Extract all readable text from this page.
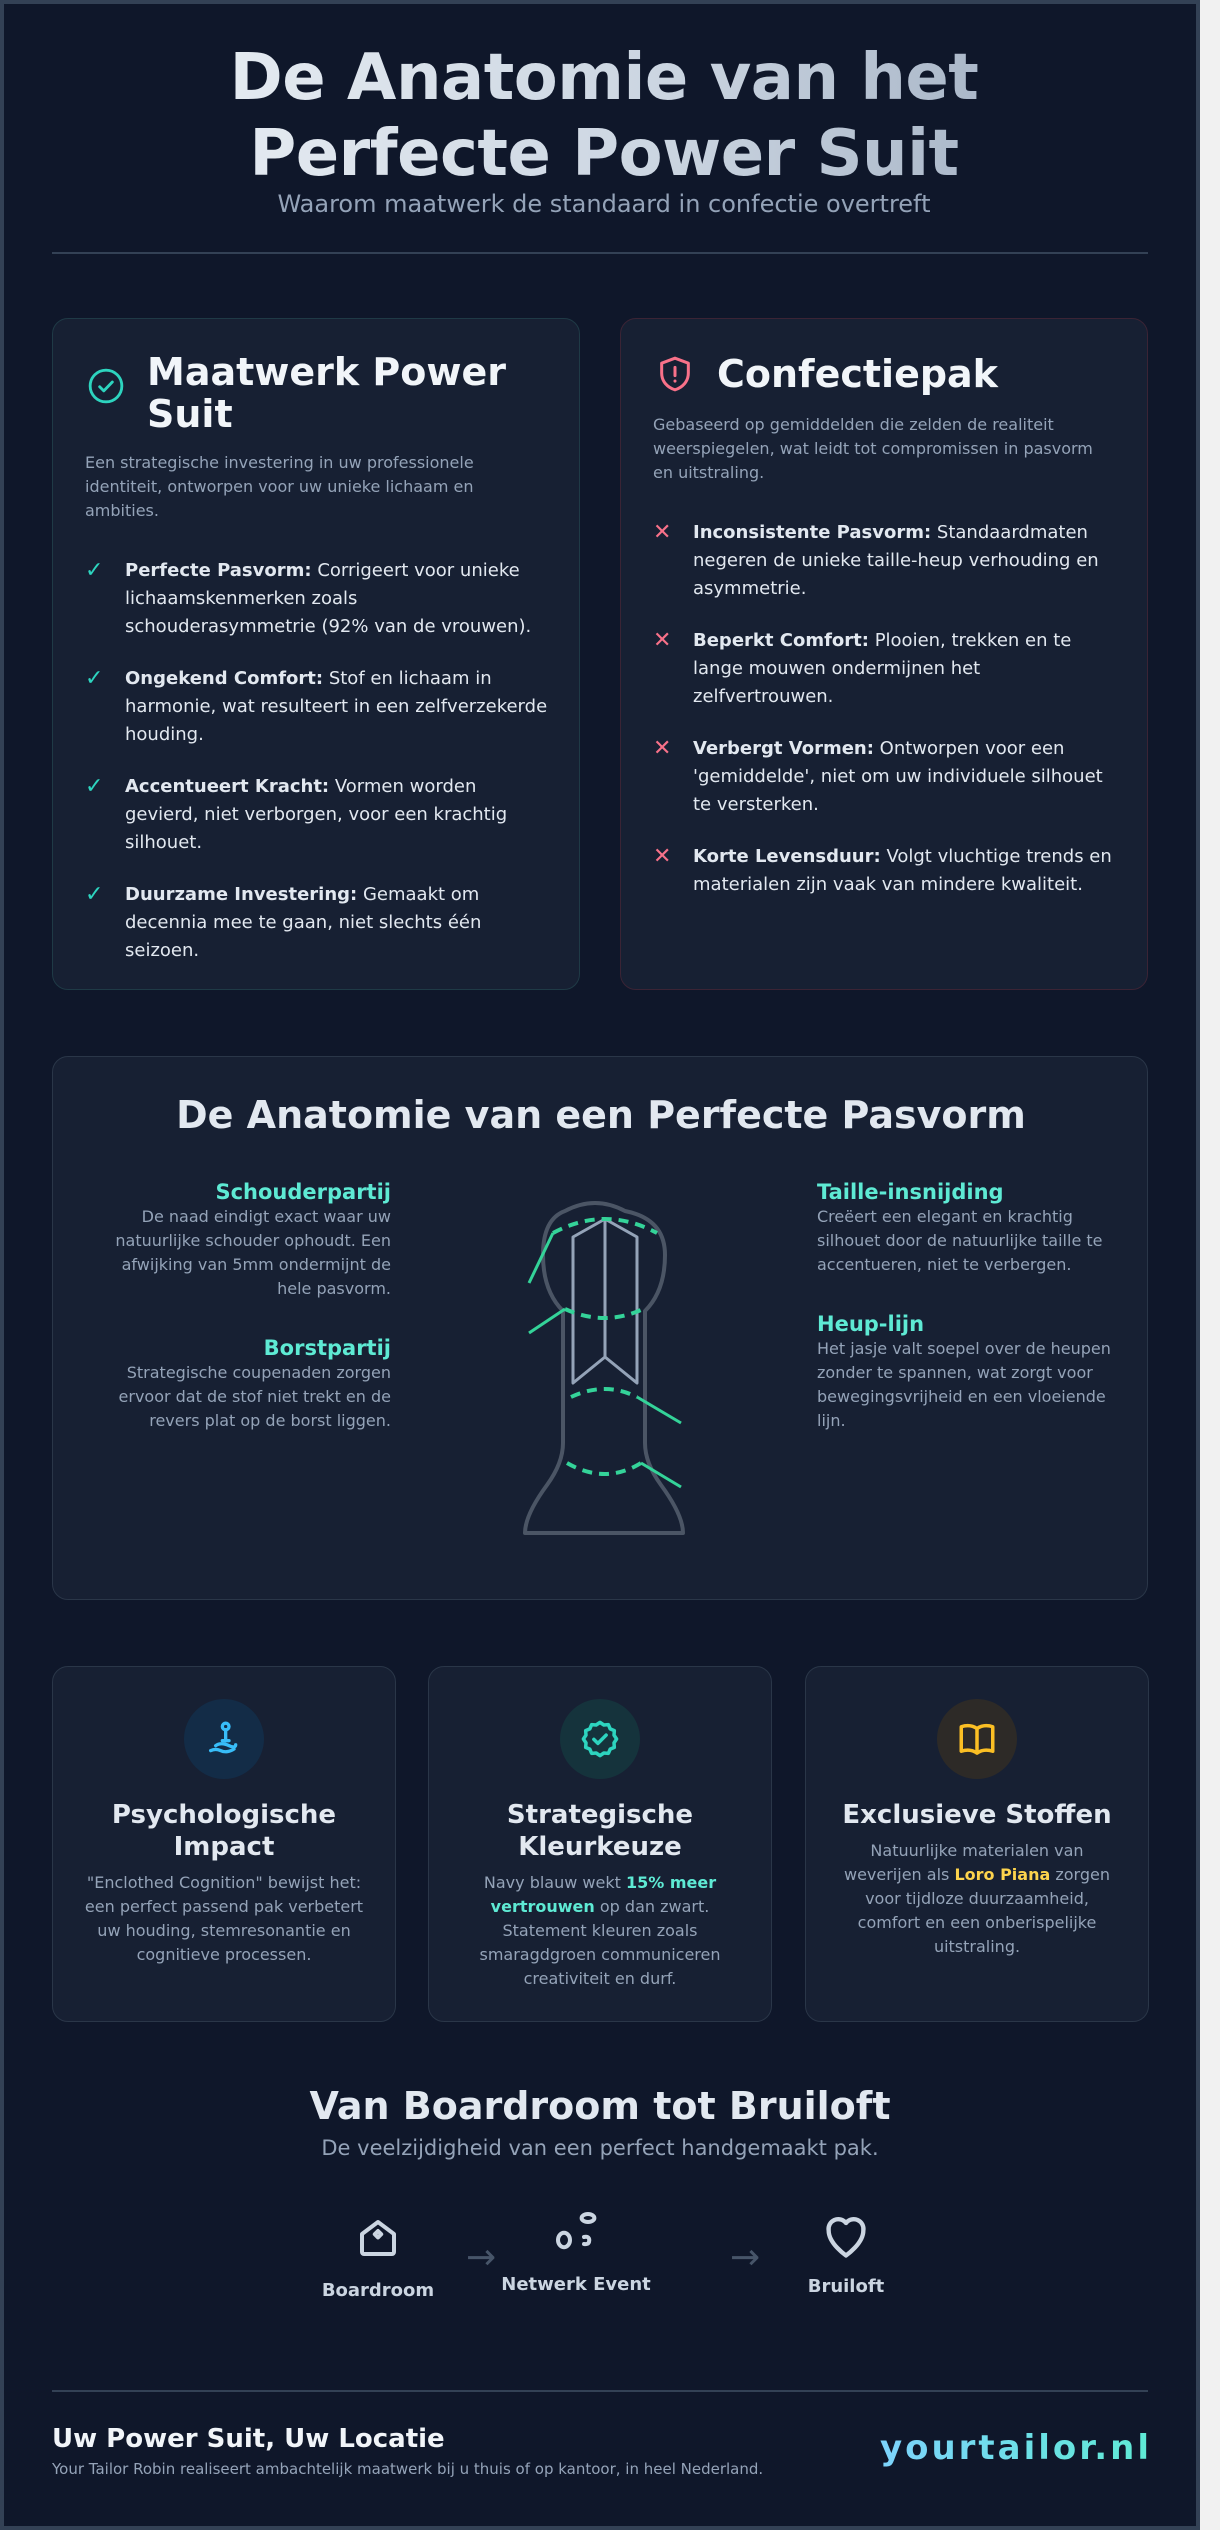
De Anatomie van het Perfecte Power Suit

Waarom maatwerk de standaard in confectie overtreft

Maatwerk Power Suit

Een strategische investering in uw professionele identiteit, ontworpen voor uw unieke lichaam en ambities.

✓	Perfecte Pasvorm: Corrigeert voor unieke lichaamskenmerken zoals schouderasymmetrie (92% van de vrouwen).
✓	Ongekend Comfort: Stof en lichaam in harmonie, wat resulteert in een zelfverzekerde houding.
✓	Accentueert Kracht: Vormen worden gevierd, niet verborgen, voor een krachtig silhouet.
✓	Duurzame Investering: Gemaakt om decennia mee te gaan, niet slechts één seizoen.
Confectiepak

Gebaseerd op gemiddelden die zelden de realiteit weerspiegelen, wat leidt tot compromissen in pasvorm en uitstraling.

✕	Inconsistente Pasvorm: Standaardmaten negeren de unieke taille-heup verhouding en asymmetrie.
✕	Beperkt Comfort: Plooien, trekken en te lange mouwen ondermijnen het zelfvertrouwen.
✕	Verbergt Vormen: Ontworpen voor een 'gemiddelde', niet om uw individuele silhouet te versterken.
✕	Korte Levensduur: Volgt vluchtige trends en materialen zijn vaak van mindere kwaliteit.
De Anatomie van een Perfecte Pasvorm
Schouderpartij

De naad eindigt exact waar uw natuurlijke schouder ophoudt. Een afwijking van 5mm ondermijnt de hele pasvorm.

Borstpartij

Strategische coupenaden zorgen ervoor dat de stof niet trekt en de revers plat op de borst liggen.

Taille-insnijding

Creëert een elegant en krachtig silhouet door de natuurlijke taille te accentueren, niet te verbergen.

Heup-lijn

Het jasje valt soepel over de heupen zonder te spannen, wat zorgt voor bewegingsvrijheid en een vloeiende lijn.

Psychologische Impact

"Enclothed Cognition" bewijst het: een perfect passend pak verbetert uw houding, stemresonantie en cognitieve processen.

Strategische Kleurkeuze

Navy blauw wekt 15% meer vertrouwen op dan zwart. Statement kleuren zoals smaragdgroen communiceren creativiteit en durf.

Exclusieve Stoffen

Natuurlijke materialen van weverijen als Loro Piana zorgen voor tijdloze duurzaamheid, comfort en een onberispelijke uitstraling.

Van Boardroom tot Bruiloft

De veelzijdigheid van een perfect handgemaakt pak.

Boardroom
→
Netwerk Event
→
Bruiloft
Uw Power Suit, Uw Locatie

Your Tailor Robin realiseert ambachtelijk maatwerk bij u thuis of op kantoor, in heel Nederland.

yourtailor.nl
